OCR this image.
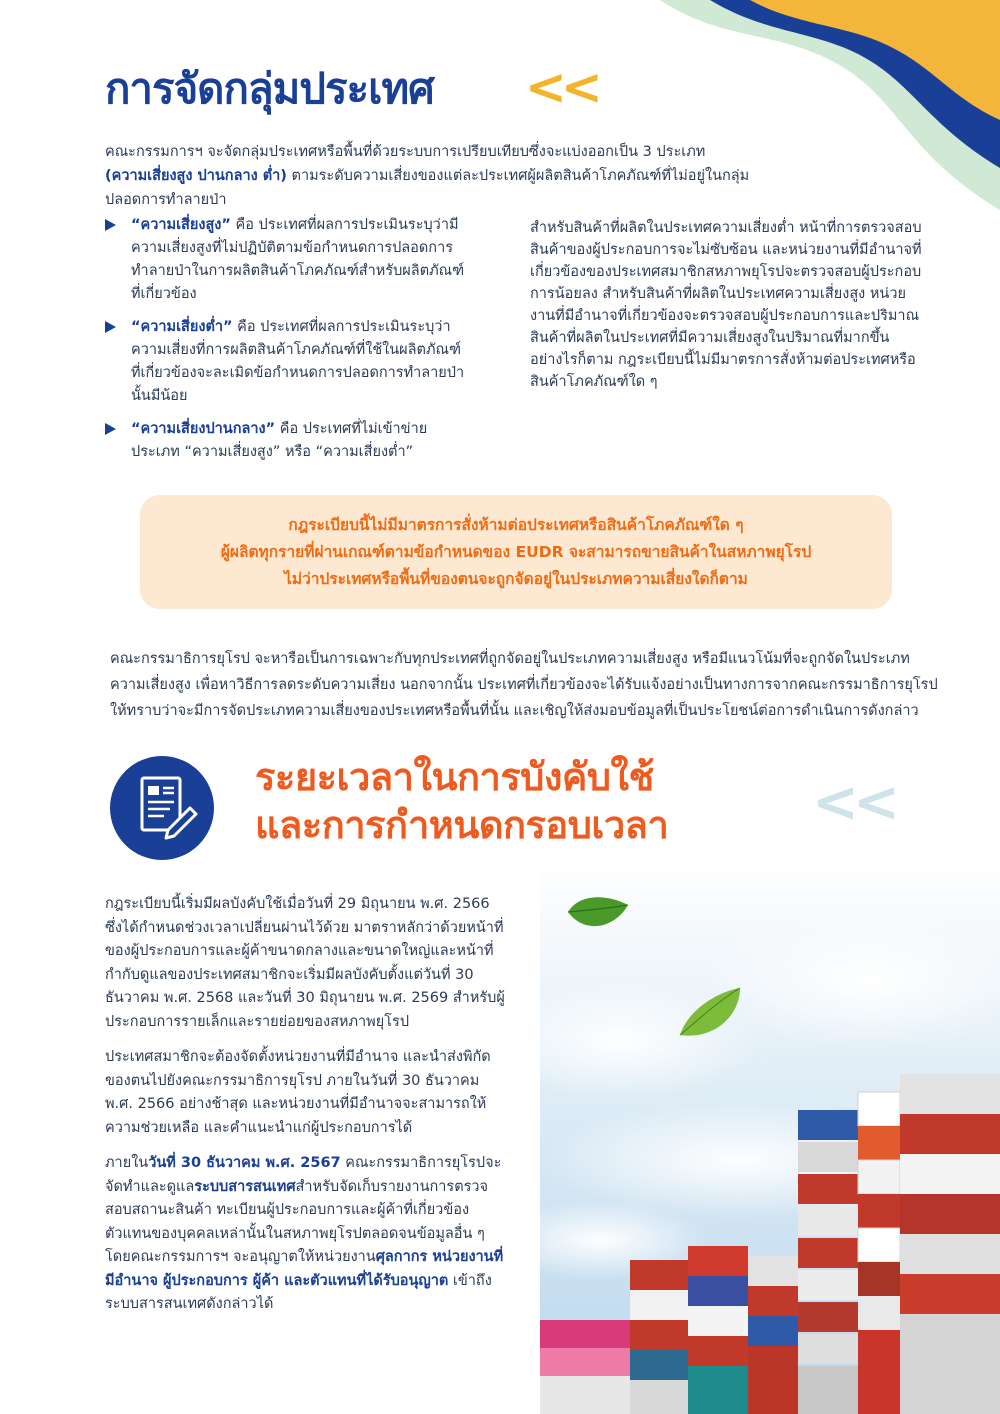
การจัดกลุ่มประเทศ <<
คณะกรรมการฯ จะจัดกลุ่มประเทศหรือพื้นที่ด้วยระบบการเปรียบเทียบซึ่งจะแบ่งออกเป็น 3 ประเภท
(ความเสี่ยงสูง ปานกลาง ต่ำ) ตามระดับความเสี่ยงของแต่ละประเทศผู้ผลิตสินค้าโภคภัณฑ์ที่ไม่อยู่ในกลุ่ม
ปลอดการทำลายป่า
“ความเสี่ยงสูง” คือ ประเทศที่ผลการประเมินระบุว่ามีความเสี่ยงสูงที่ไม่ปฏิบัติตามข้อกำหนดการปลอดการทำลายป่าในการผลิตสินค้าโภคภัณฑ์สำหรับผลิตภัณฑ์ที่เกี่ยวข้อง
“ความเสี่ยงต่ำ” คือ ประเทศที่ผลการประเมินระบุว่าความเสี่ยงที่การผลิตสินค้าโภคภัณฑ์ที่ใช้ในผลิตภัณฑ์ที่เกี่ยวข้องจะละเมิดข้อกำหนดการปลอดการทำลายป่านั้นมีน้อย
“ความเสี่ยงปานกลาง” คือ ประเทศที่ไม่เข้าข่ายประเภท “ความเสี่ยงสูง” หรือ “ความเสี่ยงต่ำ”
สำหรับสินค้าที่ผลิตในประเทศความเสี่ยงต่ำ หน้าที่การตรวจสอบสินค้าของผู้ประกอบการจะไม่ซับซ้อน และหน่วยงานที่มีอำนาจที่เกี่ยวข้องของประเทศสมาชิกสหภาพยุโรปจะตรวจสอบผู้ประกอบการน้อยลง สำหรับสินค้าที่ผลิตในประเทศความเสี่ยงสูง หน่วยงานที่มีอำนาจที่เกี่ยวข้องจะตรวจสอบผู้ประกอบการและปริมาณสินค้าที่ผลิตในประเทศที่มีความเสี่ยงสูงในปริมาณที่มากขึ้น อย่างไรก็ตาม กฎระเบียบนี้ไม่มีมาตรการสั่งห้ามต่อประเทศหรือสินค้าโภคภัณฑ์ใด ๆ
กฎระเบียบนี้ไม่มีมาตรการสั่งห้ามต่อประเทศหรือสินค้าโภคภัณฑ์ใด ๆ
ผู้ผลิตทุกรายที่ผ่านเกณฑ์ตามข้อกำหนดของ EUDR จะสามารถขายสินค้าในสหภาพยุโรป
ไม่ว่าประเทศหรือพื้นที่ของตนจะถูกจัดอยู่ในประเภทความเสี่ยงใดก็ตาม
คณะกรรมาธิการยุโรป จะหารือเป็นการเฉพาะกับทุกประเทศที่ถูกจัดอยู่ในประเภทความเสี่ยงสูง หรือมีแนวโน้มที่จะถูกจัดในประเภทความเสี่ยงสูง เพื่อหาวิธีการลดระดับความเสี่ยง นอกจากนั้น ประเทศที่เกี่ยวข้องจะได้รับแจ้งอย่างเป็นทางการจากคณะกรรมาธิการยุโรปให้ทราบว่าจะมีการจัดประเภทความเสี่ยงของประเทศหรือพื้นที่นั้น และเชิญให้ส่งมอบข้อมูลที่เป็นประโยชน์ต่อการดำเนินการดังกล่าว
ระยะเวลาในการบังคับใช้
และการกำหนดกรอบเวลา	<<

กฎระเบียบนี้เริ่มมีผลบังคับใช้เมื่อวันที่ 29 มิถุนายน พ.ศ. 2566 ซึ่งได้กำหนดช่วงเวลาเปลี่ยนผ่านไว้ด้วย มาตราหลักว่าด้วยหน้าที่ของผู้ประกอบการและผู้ค้าขนาดกลางและขนาดใหญ่และหน้าที่กำกับดูแลของประเทศสมาชิกจะเริ่มมีผลบังคับตั้งแต่วันที่ 30 ธันวาคม พ.ศ. 2568 และวันที่ 30 มิถุนายน พ.ศ. 2569 สำหรับผู้ประกอบการรายเล็กและรายย่อยของสหภาพยุโรป

ประเทศสมาชิกจะต้องจัดตั้งหน่วยงานที่มีอำนาจ และนำส่งพิกัดของตนไปยังคณะกรรมาธิการยุโรป ภายในวันที่ 30 ธันวาคม พ.ศ. 2566 อย่างช้าสุด และหน่วยงานที่มีอำนาจจะสามารถให้ความช่วยเหลือ และคำแนะนำแก่ผู้ประกอบการได้

ภายในวันที่ 30 ธันวาคม พ.ศ. 2567 คณะกรรมาธิการยุโรปจะจัดทำและดูแลระบบสารสนเทศสำหรับจัดเก็บรายงานการตรวจสอบสถานะสินค้า ทะเบียนผู้ประกอบการและผู้ค้าที่เกี่ยวข้อง ตัวแทนของบุคคลเหล่านั้นในสหภาพยุโรปตลอดจนข้อมูลอื่น ๆ โดยคณะกรรมการฯ จะอนุญาตให้หน่วยงานศุลกากร หน่วยงานที่มีอำนาจ ผู้ประกอบการ ผู้ค้า และตัวแทนที่ได้รับอนุญาต เข้าถึงระบบสารสนเทศดังกล่าวได้
